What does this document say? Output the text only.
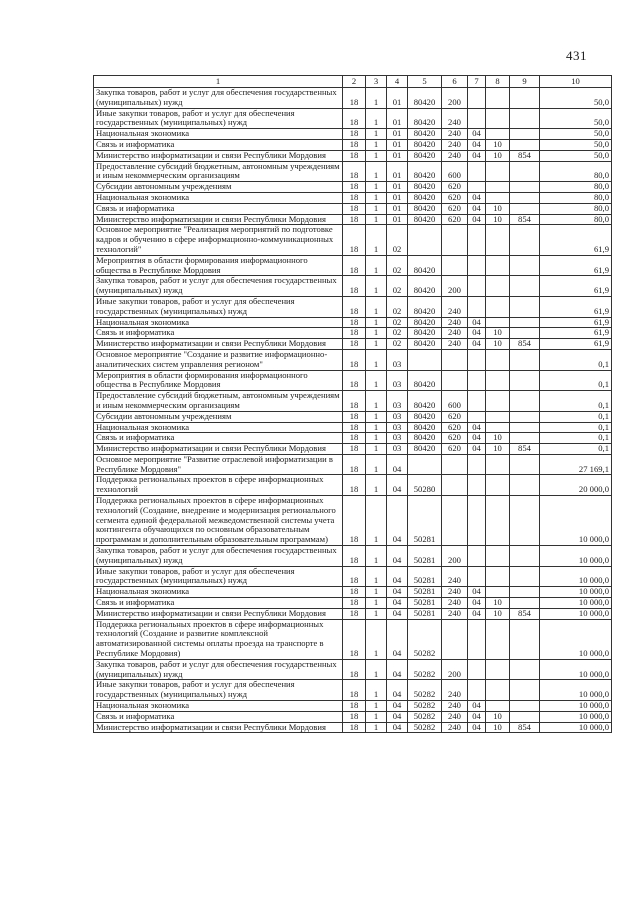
431
1	2	3	4	5	6	7	8	9	10
Закупка товаров, работ и услуг для обеспечения государственных (муниципальных) нужд	18	1	01	80420	200				50,0
Иные закупки товаров, работ и услуг для обеспечения государственных (муниципальных) нужд	18	1	01	80420	240				50,0
Национальная экономика	18	1	01	80420	240	04			50,0
Связь и информатика	18	1	01	80420	240	04	10		50,0
Министерство информатизации и связи Республики Мордовия	18	1	01	80420	240	04	10	854	50,0
Предоставление субсидий бюджетным, автономным учреждениям и иным некоммерческим организациям	18	1	01	80420	600				80,0
Субсидии автономным учреждениям	18	1	01	80420	620				80,0
Национальная экономика	18	1	01	80420	620	04			80,0
Связь и информатика	18	1	01	80420	620	04	10		80,0
Министерство информатизации и связи Республики Мордовия	18	1	01	80420	620	04	10	854	80,0
Основное мероприятие "Реализация мероприятий по подготовке кадров и обучению в сфере информационно-коммуникационных технологий"	18	1	02						61,9
Мероприятия в области формирования информационного общества в Республике Мордовия	18	1	02	80420					61,9
Закупка товаров, работ и услуг для обеспечения государственных (муниципальных) нужд	18	1	02	80420	200				61,9
Иные закупки товаров, работ и услуг для обеспечения государственных (муниципальных) нужд	18	1	02	80420	240				61,9
Национальная экономика	18	1	02	80420	240	04			61,9
Связь и информатика	18	1	02	80420	240	04	10		61,9
Министерство информатизации и связи Республики Мордовия	18	1	02	80420	240	04	10	854	61,9
Основное мероприятие "Создание и развитие информационно-аналитических систем управления регионом"	18	1	03						0,1
Мероприятия в области формирования информационного общества в Республике Мордовия	18	1	03	80420					0,1
Предоставление субсидий бюджетным, автономным учреждениям и иным некоммерческим организациям	18	1	03	80420	600				0,1
Субсидии автономным учреждениям	18	1	03	80420	620				0,1
Национальная экономика	18	1	03	80420	620	04			0,1
Связь и информатика	18	1	03	80420	620	04	10		0,1
Министерство информатизации и связи Республики Мордовия	18	1	03	80420	620	04	10	854	0,1
Основное мероприятие "Развитие отраслевой информатизации в Республике Мордовия"	18	1	04						27 169,1
Поддержка региональных проектов в сфере информационных технологий	18	1	04	50280					20 000,0
Поддержка региональных проектов в сфере информационных технологий (Создание, внедрение и модернизация регионального сегмента единой федеральной межведомственной системы учета контингента обучающихся по основным образовательным программам и дополнительным образовательным программам)	18	1	04	50281					10 000,0
Закупка товаров, работ и услуг для обеспечения государственных (муниципальных) нужд	18	1	04	50281	200				10 000,0
Иные закупки товаров, работ и услуг для обеспечения государственных (муниципальных) нужд	18	1	04	50281	240				10 000,0
Национальная экономика	18	1	04	50281	240	04			10 000,0
Связь и информатика	18	1	04	50281	240	04	10		10 000,0
Министерство информатизации и связи Республики Мордовия	18	1	04	50281	240	04	10	854	10 000,0
Поддержка региональных проектов в сфере информационных технологий (Создание и развитие комплексной автоматизированной системы оплаты проезда на транспорте в Республике Мордовия)	18	1	04	50282					10 000,0
Закупка товаров, работ и услуг для обеспечения государственных (муниципальных) нужд	18	1	04	50282	200				10 000,0
Иные закупки товаров, работ и услуг для обеспечения государственных (муниципальных) нужд	18	1	04	50282	240				10 000,0
Национальная экономика	18	1	04	50282	240	04			10 000,0
Связь и информатика	18	1	04	50282	240	04	10		10 000,0
Министерство информатизации и связи Республики Мордовия	18	1	04	50282	240	04	10	854	10 000,0
